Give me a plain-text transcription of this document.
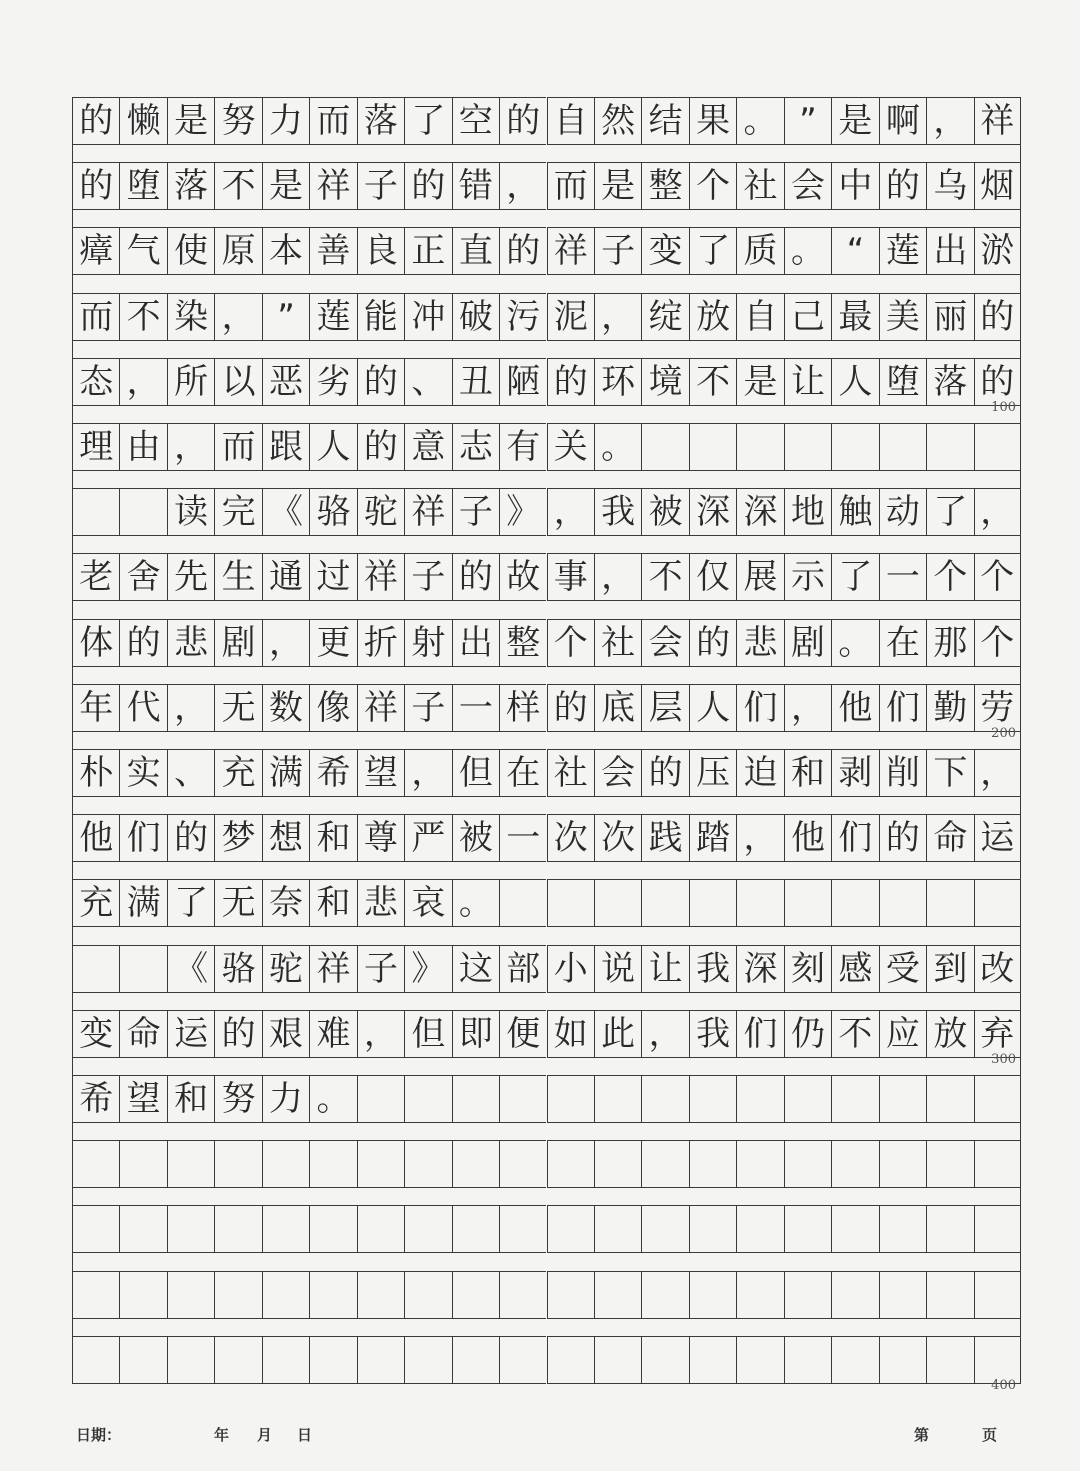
的 懒 是 努 力 而 落 了 空 的 自 然 结 果 。 ” 是 啊 ， 祥
的 堕 落 不 是 祥 子 的 错 ， 而 是 整 个 社 会 中 的 乌 烟
瘴 气 使 原 本 善 良 正 直 的 祥 子 变 了 质 。 “ 莲 出 淤
而 不 染 ， ” 莲 能 冲 破 污 泥 ， 绽 放 自 己 最 美 丽 的
态 ， 所 以 恶 劣 的 、 丑 陋 的 环 境 不 是 让 人 堕 落 的
理 由 ， 而 跟 人 的 意 志 有 关 。
读 完 《 骆 驼 祥 子 》 ， 我 被 深 深 地 触 动 了 ，
老 舍 先 生 通 过 祥 子 的 故 事 ， 不 仅 展 示 了 一 个 个
体 的 悲 剧 ， 更 折 射 出 整 个 社 会 的 悲 剧 。 在 那 个
年 代 ， 无 数 像 祥 子 一 样 的 底 层 人 们 ， 他 们 勤 劳
朴 实 、 充 满 希 望 ， 但 在 社 会 的 压 迫 和 剥 削 下 ，
他 们 的 梦 想 和 尊 严 被 一 次 次 践 踏 ， 他 们 的 命 运
充 满 了 无 奈 和 悲 哀 。
《 骆 驼 祥 子 》 这 部 小 说 让 我 深 刻 感 受 到 改
变 命 运 的 艰 难 ， 但 即 便 如 此 ， 我 们 仍 不 应 放 弃
希 望 和 努 力 。
100
200
300
400
日期：	年 月 日	第	页
